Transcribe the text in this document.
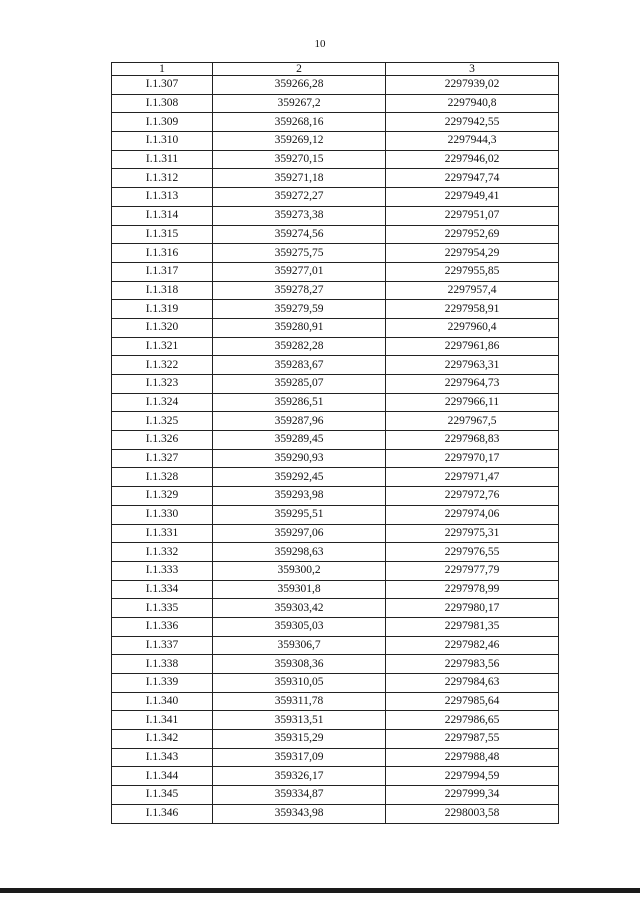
10
1	2	3
I.1.307	359266,28	2297939,02
I.1.308	359267,2	2297940,8
I.1.309	359268,16	2297942,55
I.1.310	359269,12	2297944,3
I.1.311	359270,15	2297946,02
I.1.312	359271,18	2297947,74
I.1.313	359272,27	2297949,41
I.1.314	359273,38	2297951,07
I.1.315	359274,56	2297952,69
I.1.316	359275,75	2297954,29
I.1.317	359277,01	2297955,85
I.1.318	359278,27	2297957,4
I.1.319	359279,59	2297958,91
I.1.320	359280,91	2297960,4
I.1.321	359282,28	2297961,86
I.1.322	359283,67	2297963,31
I.1.323	359285,07	2297964,73
I.1.324	359286,51	2297966,11
I.1.325	359287,96	2297967,5
I.1.326	359289,45	2297968,83
I.1.327	359290,93	2297970,17
I.1.328	359292,45	2297971,47
I.1.329	359293,98	2297972,76
I.1.330	359295,51	2297974,06
I.1.331	359297,06	2297975,31
I.1.332	359298,63	2297976,55
I.1.333	359300,2	2297977,79
I.1.334	359301,8	2297978,99
I.1.335	359303,42	2297980,17
I.1.336	359305,03	2297981,35
I.1.337	359306,7	2297982,46
I.1.338	359308,36	2297983,56
I.1.339	359310,05	2297984,63
I.1.340	359311,78	2297985,64
I.1.341	359313,51	2297986,65
I.1.342	359315,29	2297987,55
I.1.343	359317,09	2297988,48
I.1.344	359326,17	2297994,59
I.1.345	359334,87	2297999,34
I.1.346	359343,98	2298003,58
